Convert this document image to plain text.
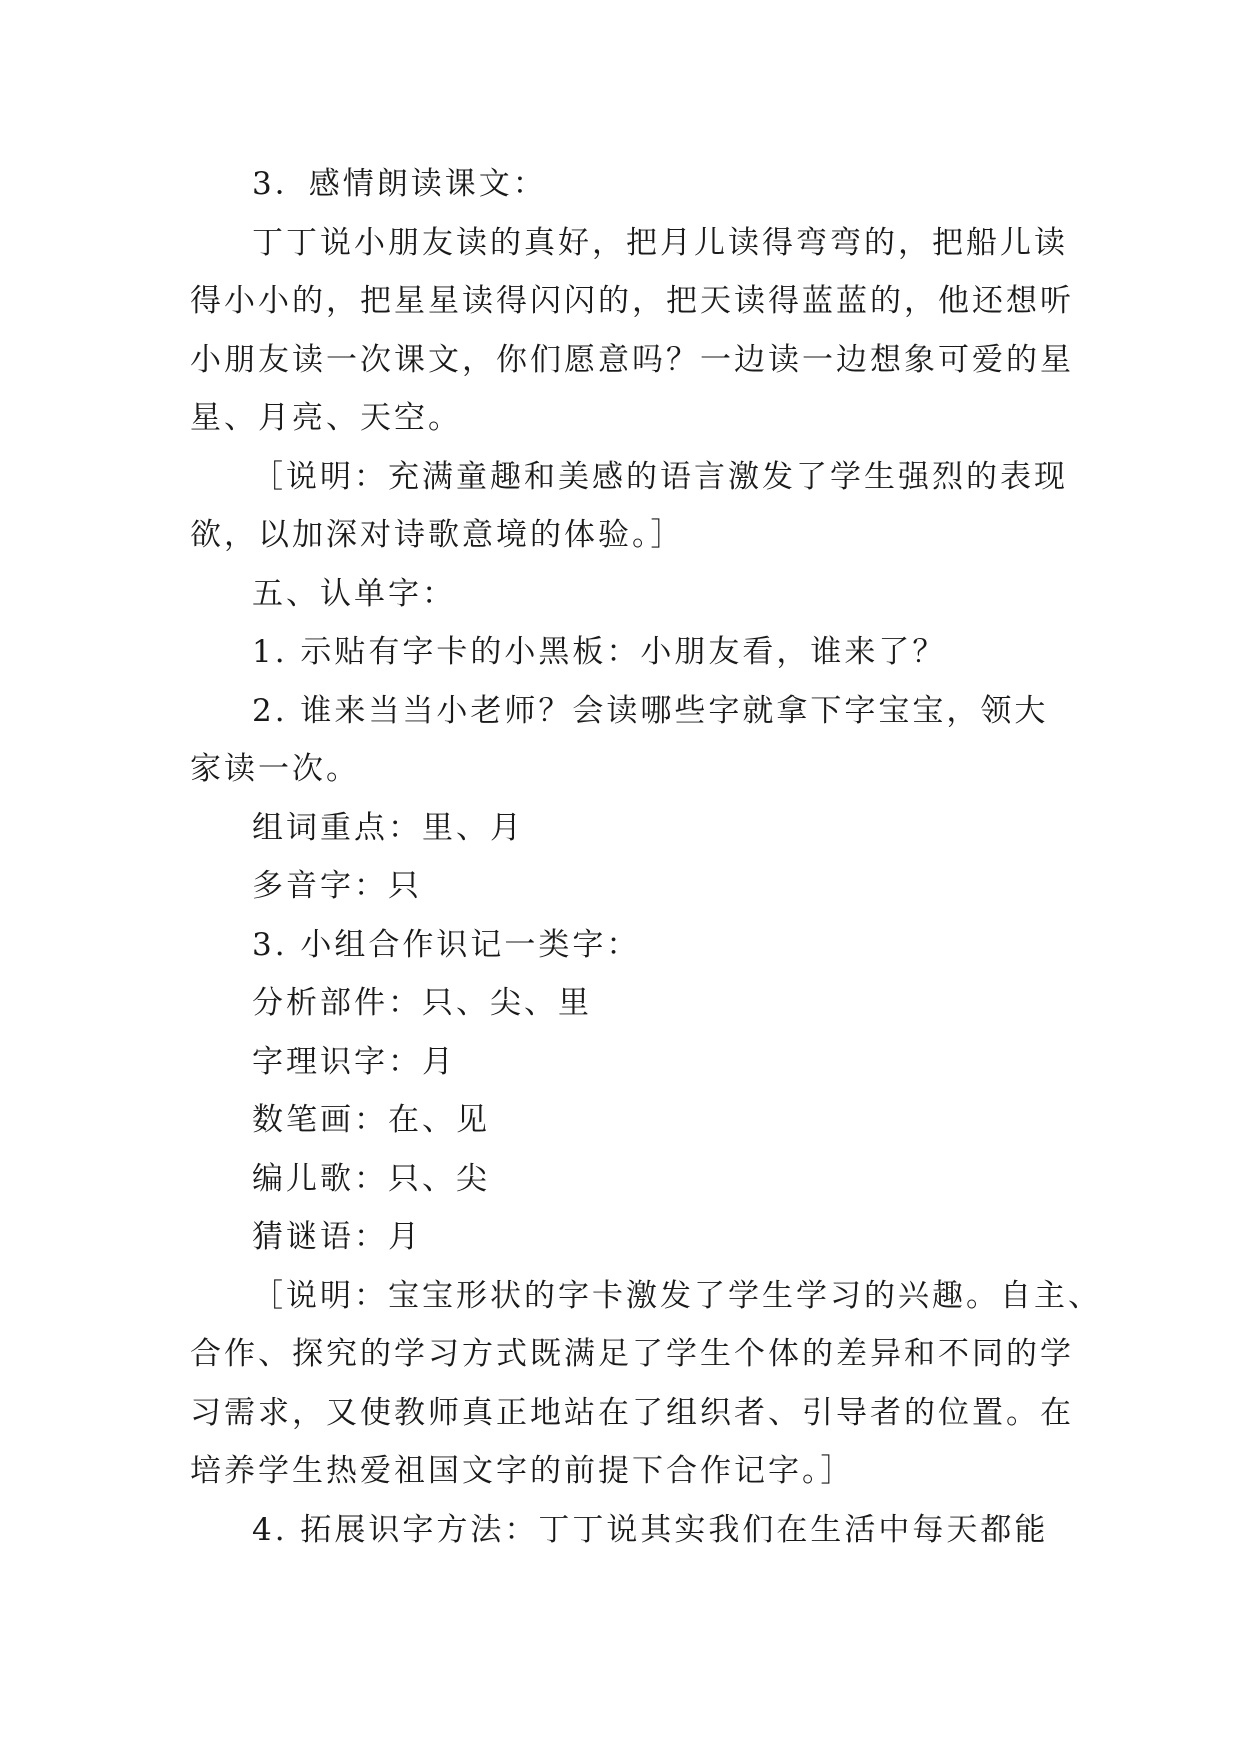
3．感情朗读课文：
丁丁说小朋友读的真好，把月儿读得弯弯的，把船儿读
得小小的，把星星读得闪闪的，把天读得蓝蓝的，他还想听
小朋友读一次课文，你们愿意吗？一边读一边想象可爱的星
星、月亮、天空。
［说明：充满童趣和美感的语言激发了学生强烈的表现
欲，以加深对诗歌意境的体验。］
五、认单字：
1. 示贴有字卡的小黑板：小朋友看，谁来了？
2. 谁来当当小老师？会读哪些字就拿下字宝宝，领大
家读一次。
组词重点：里、月
多音字：只
3. 小组合作识记一类字：
分析部件：只、尖、里
字理识字：月
数笔画：在、见
编儿歌：只、尖
猜谜语：月
［说明：宝宝形状的字卡激发了学生学习的兴趣。自主、
合作、探究的学习方式既满足了学生个体的差异和不同的学
习需求，又使教师真正地站在了组织者、引导者的位置。在
培养学生热爱祖国文字的前提下合作记字。］
4. 拓展识字方法：丁丁说其实我们在生活中每天都能
